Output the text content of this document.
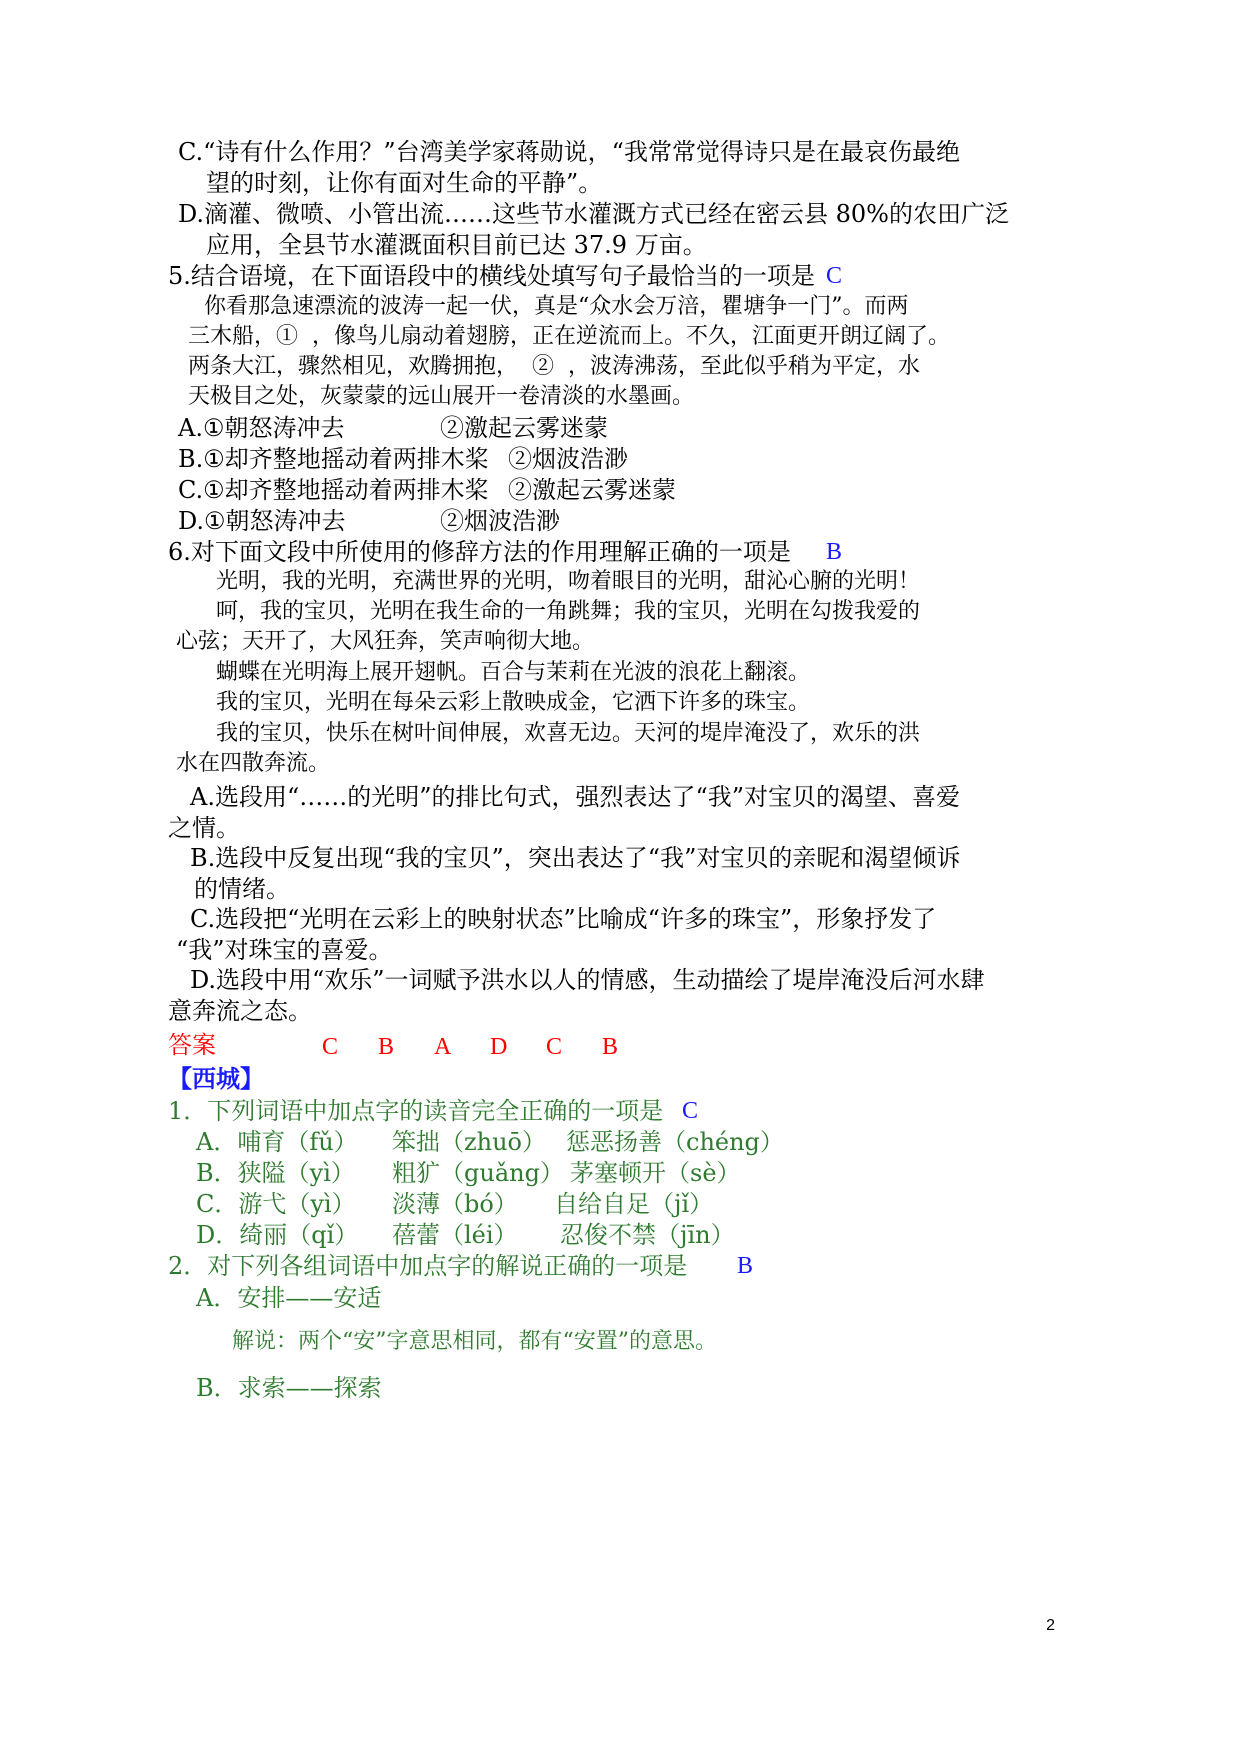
C.“诗有什么作用？”台湾美学家蒋勋说，“我常常觉得诗只是在最哀伤最绝
望的时刻，让你有面对生命的平静”。
D.滴灌、微喷、小管出流……这些节水灌溉方式已经在密云县 80%的农田广泛
应用，全县节水灌溉面积目前已达 37.9 万亩。
5.结合语境，在下面语段中的横线处填写句子最恰当的一项是 C
你看那急速漂流的波涛一起一伏，真是“众水会万涪，瞿塘争一门”。而两
三木船，①  ，像鸟儿扇动着翅膀，正在逆流而上。不久，江面更开朗辽阔了。
两条大江，骤然相见，欢腾拥抱，  ②  ，波涛沸荡，至此似乎稍为平定，水
天极目之处，灰蒙蒙的远山展开一卷清淡的水墨画。
A.①朝怒涛冲去	②激起云雾迷蒙
B.①却齐整地摇动着两排木桨 ②烟波浩渺
C.①却齐整地摇动着两排木桨 ②激起云雾迷蒙
D.①朝怒涛冲去	②烟波浩渺
6.对下面文段中所使用的修辞方法的作用理解正确的一项是 B
光明，我的光明，充满世界的光明，吻着眼目的光明，甜沁心腑的光明！
呵，我的宝贝，光明在我生命的一角跳舞；我的宝贝，光明在勾拨我爱的
心弦；天开了，大风狂奔，笑声响彻大地。
蝴蝶在光明海上展开翅帆。百合与茉莉在光波的浪花上翻滚。
我的宝贝，光明在每朵云彩上散映成金，它洒下许多的珠宝。
我的宝贝，快乐在树叶间伸展，欢喜无边。天河的堤岸淹没了，欢乐的洪
水在四散奔流。
A.选段用“……的光明”的排比句式，强烈表达了“我”对宝贝的渴望、喜爱
之情。
B.选段中反复出现“我的宝贝”，突出表达了“我”对宝贝的亲昵和渴望倾诉
的情绪。
C.选段把“光明在云彩上的映射状态”比喻成“许多的珠宝”，形象抒发了
“我”对珠宝的喜爱。
D.选段中用“欢乐”一词赋予洪水以人的情感，生动描绘了堤岸淹没后河水肆
意奔流之态。
答案	C B A D C B
【西城】
1．下列词语中加点字的读音完全正确的一项是 C
A．哺育（fǔ） 笨拙（zhuō） 惩恶扬善（chéng）
B．狭隘（yì） 粗犷（guǎng） 茅塞顿开（sè）
C．游弋（yì） 淡薄（bó） 自给自足（jǐ）
D．绮丽（qǐ） 蓓蕾（léi） 忍俊不禁（jīn）
2．对下列各组词语中加点字的解说正确的一项是 B
A．安排——安适
解说：两个“安”字意思相同，都有“安置”的意思。
B．求索——探索
2
